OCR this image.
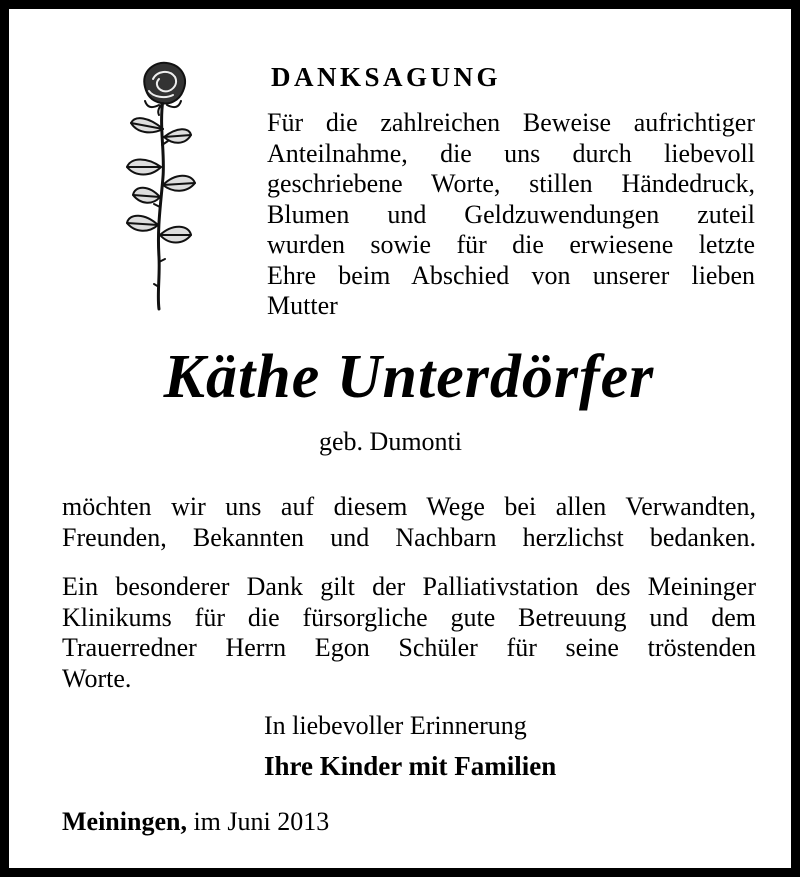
DANKSAGUNG
Für die zahlreichen Beweise aufrichtiger
Anteilnahme, die uns durch liebevoll
geschriebene Worte, stillen Händedruck,
Blumen und Geldzuwendungen zuteil
wurden sowie für die erwiesene letzte
Ehre beim Abschied von unserer lieben
Mutter
Käthe Unterdörfer
geb. Dumonti
möchten wir uns auf diesem Wege bei allen Verwandten,
Freunden, Bekannten und Nachbarn herzlichst bedanken.
Ein besonderer Dank gilt der Palliativstation des Meininger
Klinikums für die fürsorgliche gute Betreuung und dem
Trauerredner Herrn Egon Schüler für seine tröstenden
Worte.
In liebevoller Erinnerung
Ihre Kinder mit Familien
Meiningen, im Juni 2013
